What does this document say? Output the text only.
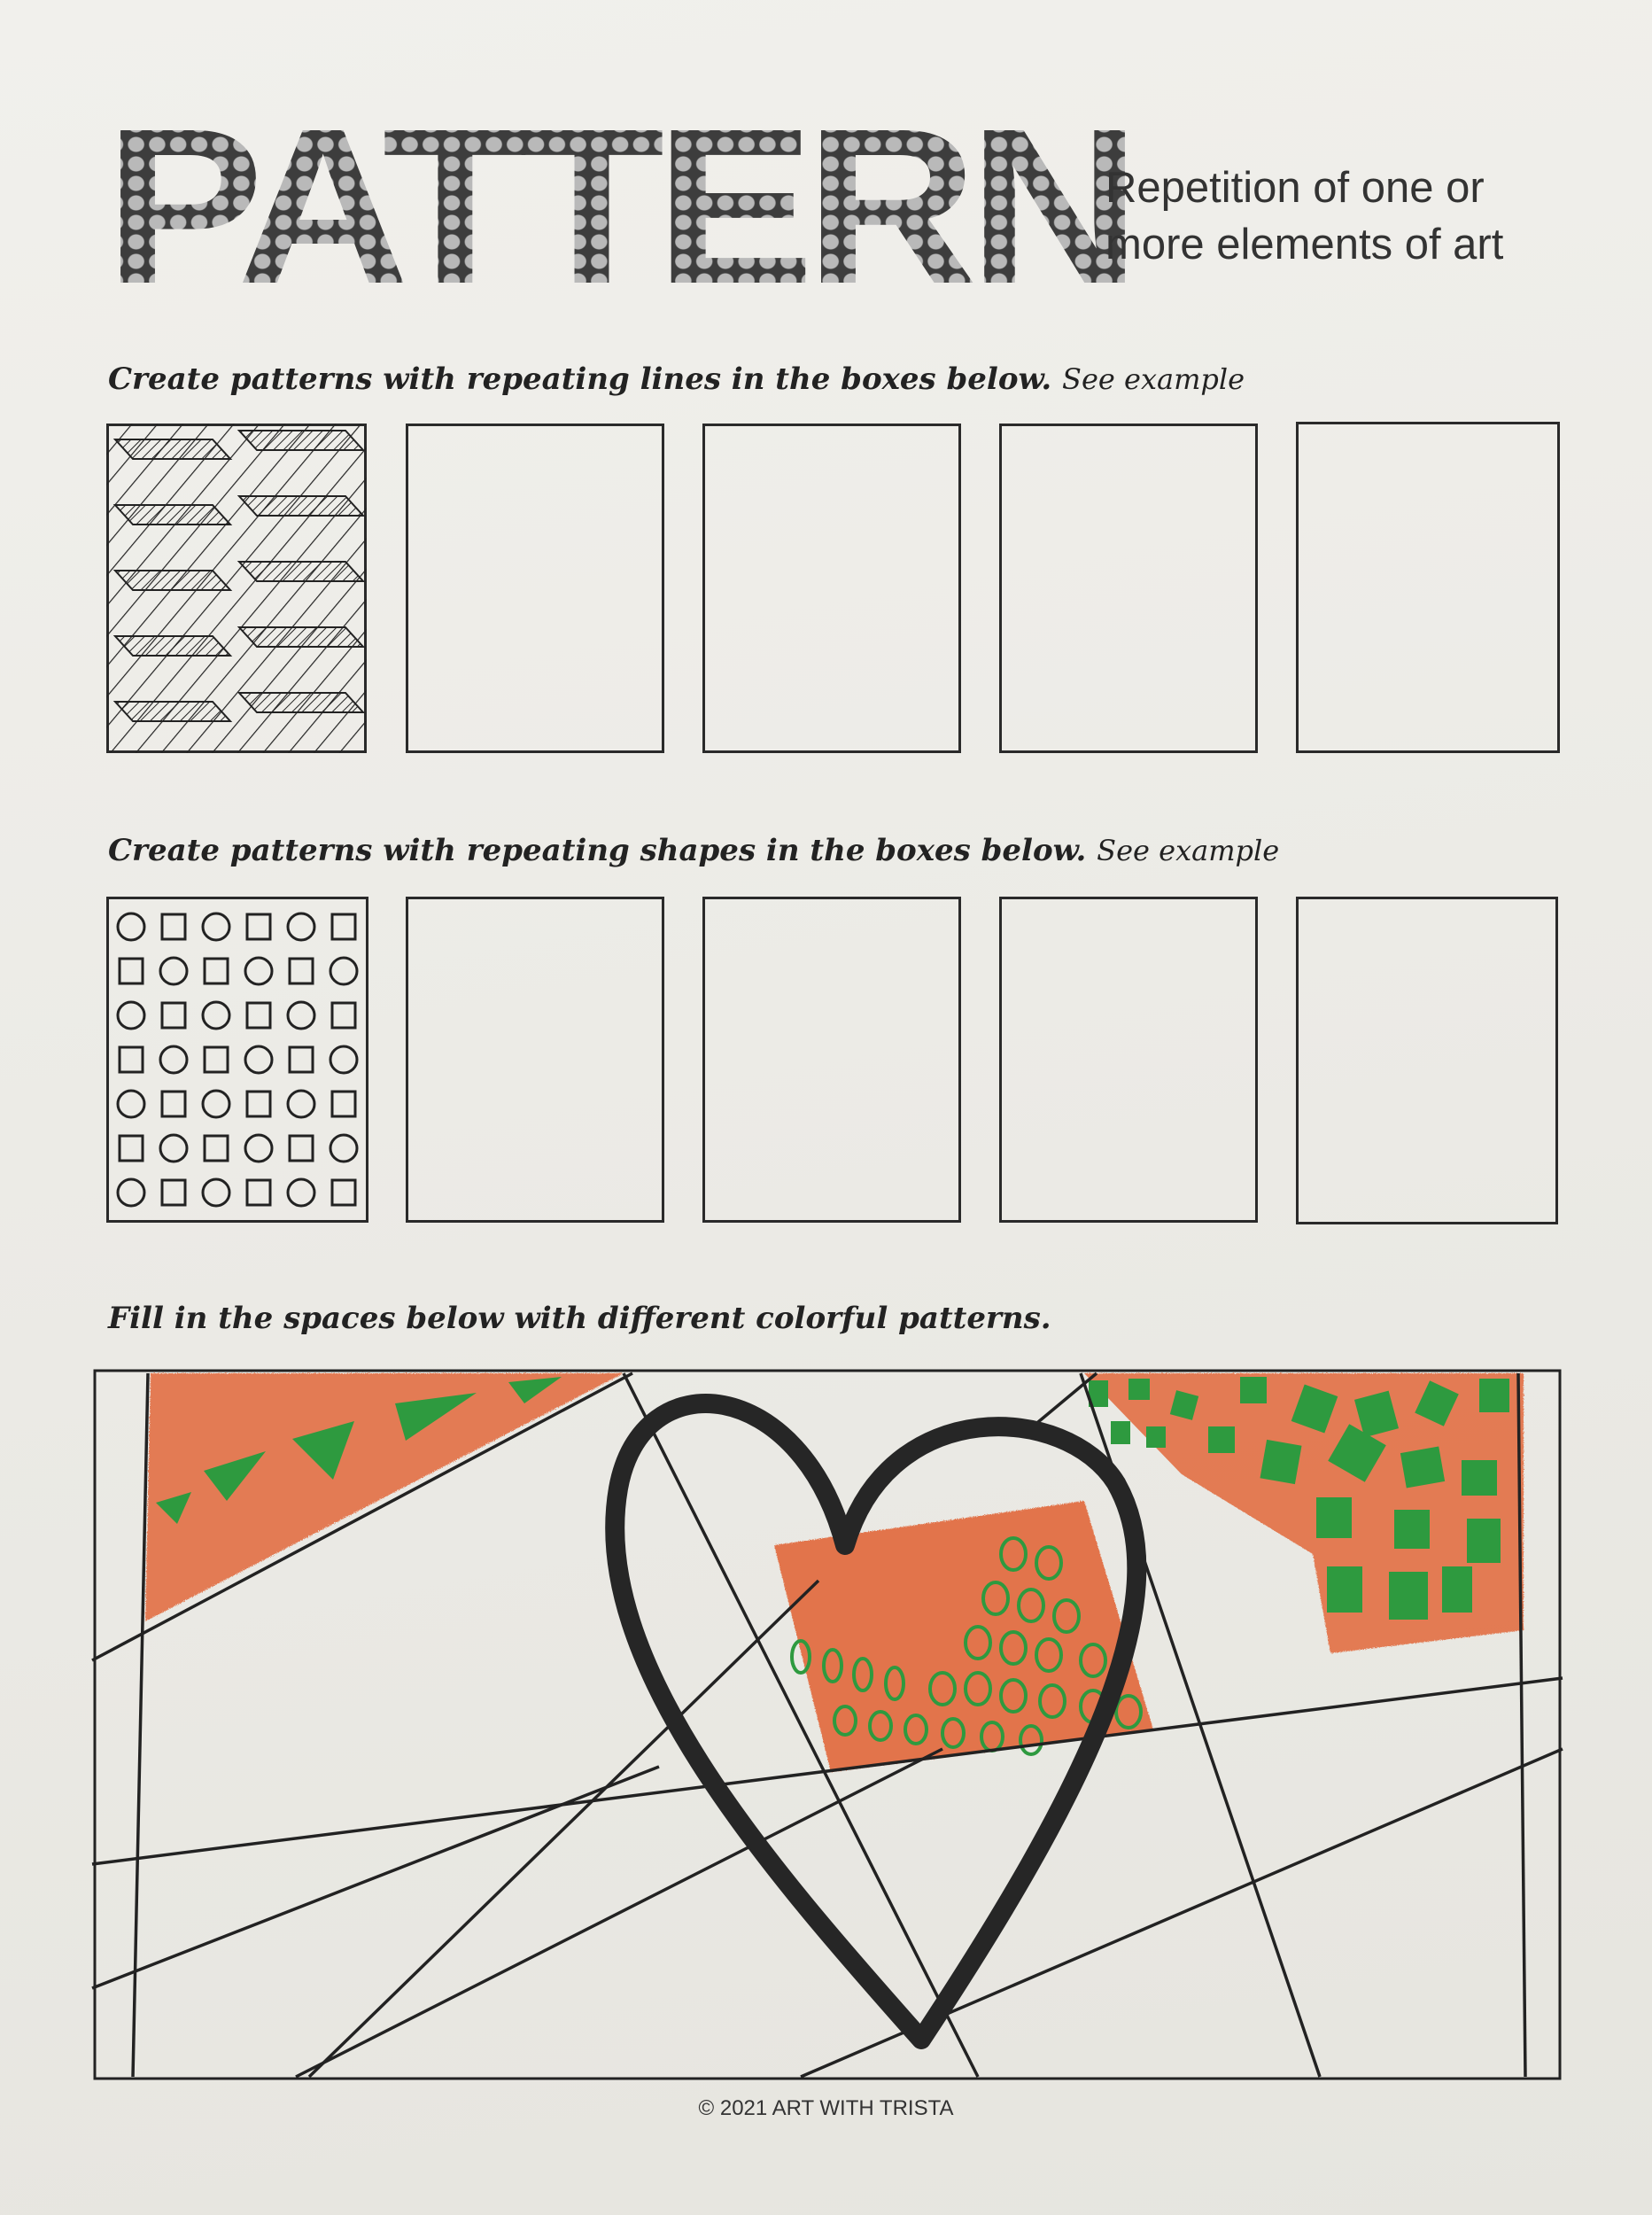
PATTERN
Repetition of one or
more elements of art

Create patterns with repeating lines in the boxes below. See example

Create patterns with repeating shapes in the boxes below. See example

Fill in the spaces below with different colorful patterns.

© 2021 ART WITH TRISTA
